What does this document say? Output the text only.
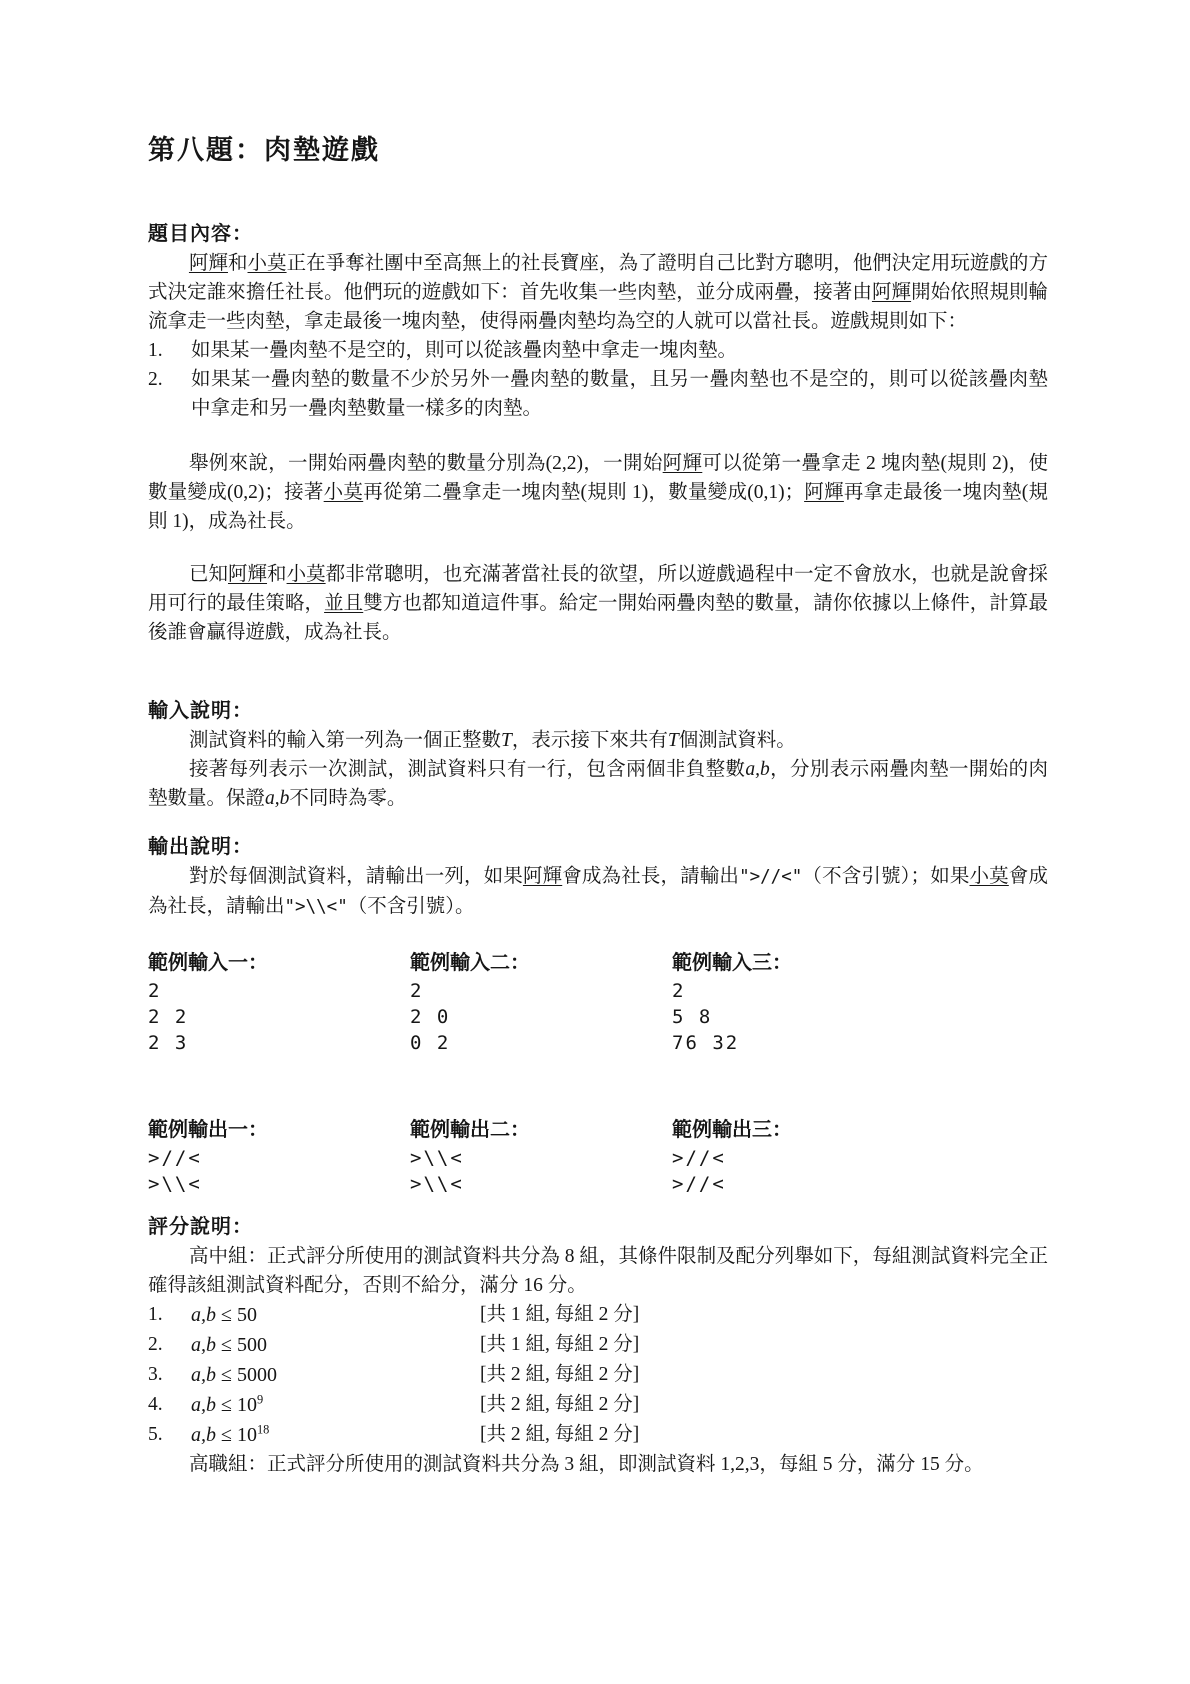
第八題：肉墊遊戲
題目內容：
阿輝和小莫正在爭奪社團中至高無上的社長寶座，為了證明自己比對方聰明，他們決定用玩遊戲的方式決定誰來擔任社長。他們玩的遊戲如下：首先收集一些肉墊，並分成兩疊，接著由阿輝開始依照規則輪流拿走一些肉墊，拿走最後一塊肉墊，使得兩疊肉墊均為空的人就可以當社長。遊戲規則如下：
1.	如果某一疊肉墊不是空的，則可以從該疊肉墊中拿走一塊肉墊。
2.	如果某一疊肉墊的數量不少於另外一疊肉墊的數量，且另一疊肉墊也不是空的，則可以從該疊肉墊中拿走和另一疊肉墊數量一樣多的肉墊。
舉例來說，一開始兩疊肉墊的數量分別為(2,2)，一開始阿輝可以從第一疊拿走 2 塊肉墊(規則 2)，使數量變成(0,2)；接著小莫再從第二疊拿走一塊肉墊(規則 1)，數量變成(0,1)；阿輝再拿走最後一塊肉墊(規則 1)，成為社長。
已知阿輝和小莫都非常聰明，也充滿著當社長的欲望，所以遊戲過程中一定不會放水，也就是說會採用可行的最佳策略，並且雙方也都知道這件事。給定一開始兩疊肉墊的數量，請你依據以上條件，計算最後誰會贏得遊戲，成為社長。
輸入說明：
測試資料的輸入第一列為一個正整數T，表示接下來共有T個測試資料。
接著每列表示一次測試，測試資料只有一行，包含兩個非負整數a,b，分別表示兩疊肉墊一開始的肉墊數量。保證a,b不同時為零。
輸出說明：
對於每個測試資料，請輸出一列，如果阿輝會成為社長，請輸出">//<"（不含引號）；如果小莫會成為社長，請輸出">\\<"（不含引號）。
範例輸入一：
2
2 2
2 3
範例輸入二：
2
2 0
0 2
範例輸入三：
2
5 8
76 32
範例輸出一：
>//<
>\\<
範例輸出二：
>\\<
>\\<
範例輸出三：
>//<
>//<
評分說明：
高中組：正式評分所使用的測試資料共分為 8 組，其條件限制及配分列舉如下，每組測試資料完全正確得該組測試資料配分，否則不給分，滿分 16 分。
1.	a,b ≤ 50	[共 1 組, 每組 2 分]
2.	a,b ≤ 500	[共 1 組, 每組 2 分]
3.	a,b ≤ 5000	[共 2 組, 每組 2 分]
4.	$a,b \le 10^9$	[共 2 組, 每組 2 分]
5.	$a,b \le 10^{18}$	[共 2 組, 每組 2 分]
高職組：正式評分所使用的測試資料共分為 3 組，即測試資料 1,2,3，每組 5 分，滿分 15 分。
